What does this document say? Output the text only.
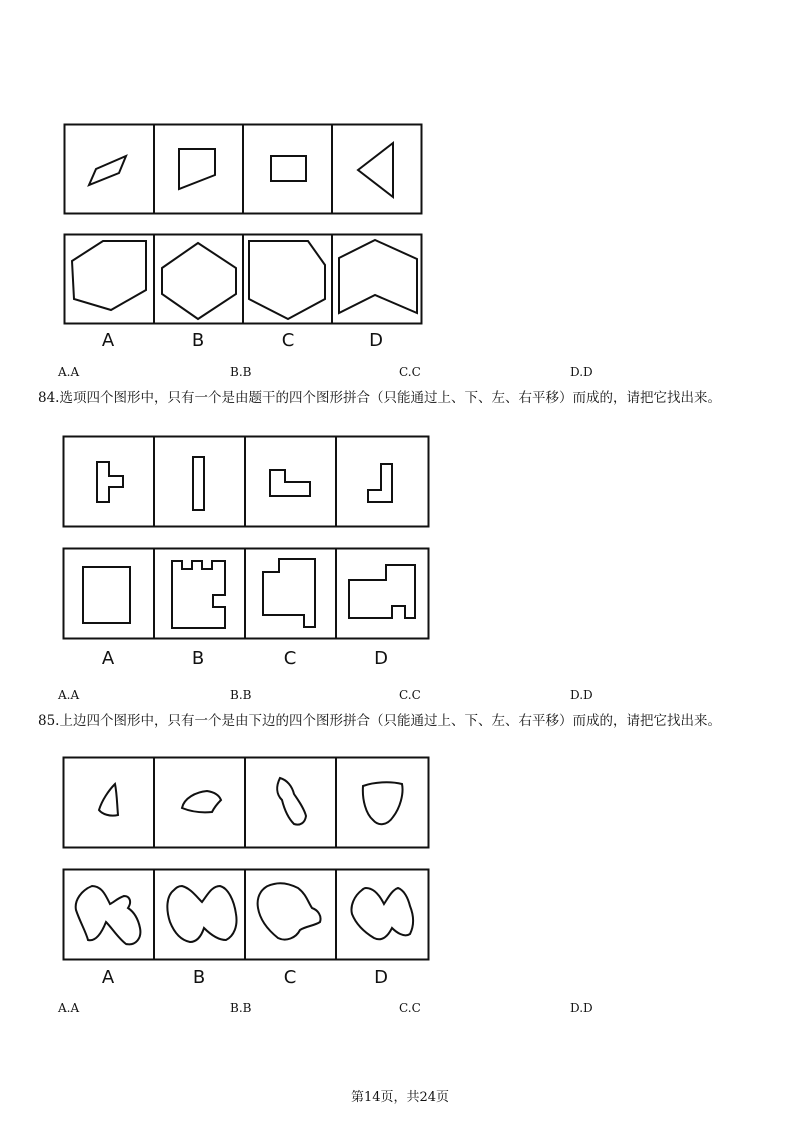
A	B	C	D
A.A	B.B	C.C	D.D
84.选项四个图形中，只有一个是由题干的四个图形拼合（只能通过上、下、左、右平移）而成的，请把它找出来。
A	B	C	D
A.A	B.B	C.C	D.D
85.上边四个图形中，只有一个是由下边的四个图形拼合（只能通过上、下、左、右平移）而成的，请把它找出来。
A	B	C	D
A.A	B.B	C.C	D.D
第14页，共24页
